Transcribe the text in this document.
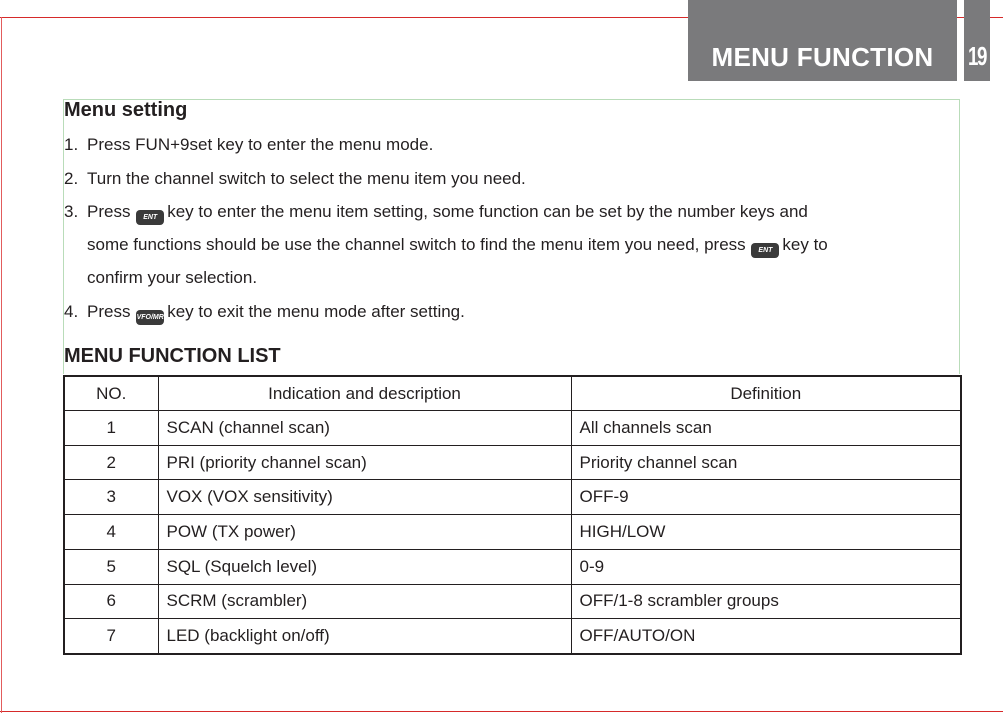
MENU FUNCTION	19
Menu setting
1. Press FUN+9set key to enter the menu mode.
2. Turn the channel switch to select the menu item you need.
3. Press ENT key to enter the menu item setting, some function can be set by the number keys and
some functions should be use the channel switch to find the menu item you need, press ENT key to
confirm your selection.
4. Press VFO/MR key to exit the menu mode after setting.
MENU FUNCTION LIST
NO.	Indication and description	Definition
1	SCAN (channel scan)	All channels scan
2	PRI (priority channel scan)	Priority channel scan
3	VOX (VOX sensitivity)	OFF-9
4	POW (TX power)	HIGH/LOW
5	SQL (Squelch level)	0-9
6	SCRM (scrambler)	OFF/1-8 scrambler groups
7	LED (backlight on/off)	OFF/AUTO/ON
